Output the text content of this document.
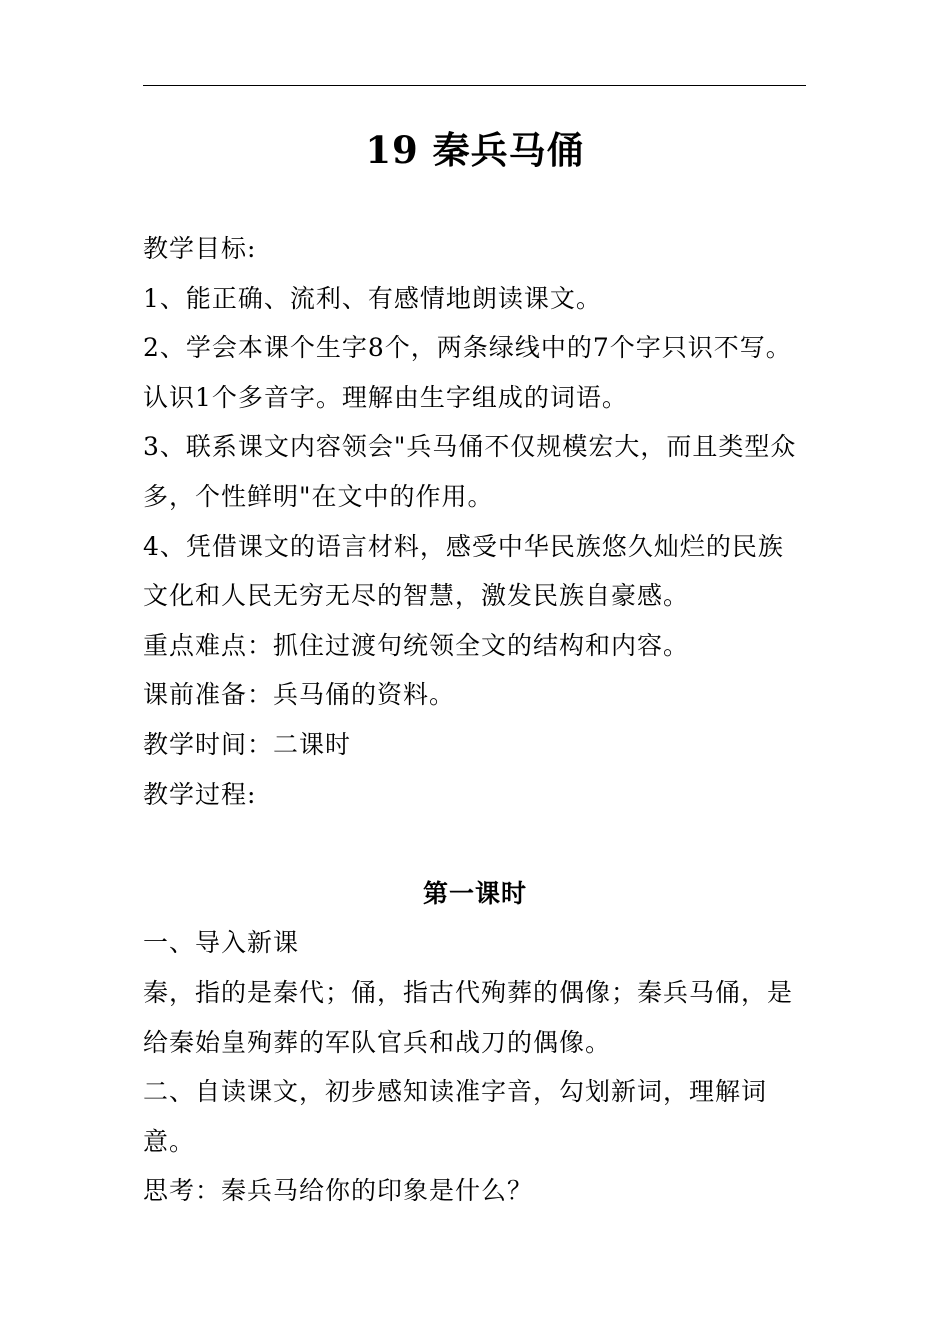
19 秦兵马俑

教学目标:

1、能正确、流利、有感情地朗读课文。

2、学会本课个生字8个，两条绿线中的7个字只识不写。认识1个多音字。理解由生字组成的词语。

3、联系课文内容领会"兵马俑不仅规模宏大，而且类型众多，个性鲜明"在文中的作用。

4、凭借课文的语言材料，感受中华民族悠久灿烂的民族文化和人民无穷无尽的智慧，激发民族自豪感。

重点难点：抓住过渡句统领全文的结构和内容。

课前准备：兵马俑的资料。

教学时间：二课时

教学过程:

第一课时

一、导入新课

秦，指的是秦代；俑，指古代殉葬的偶像；秦兵马俑，是给秦始皇殉葬的军队官兵和战刀的偶像。

二、自读课文，初步感知读准字音，勾划新词，理解词意。

思考：秦兵马给你的印象是什么？
